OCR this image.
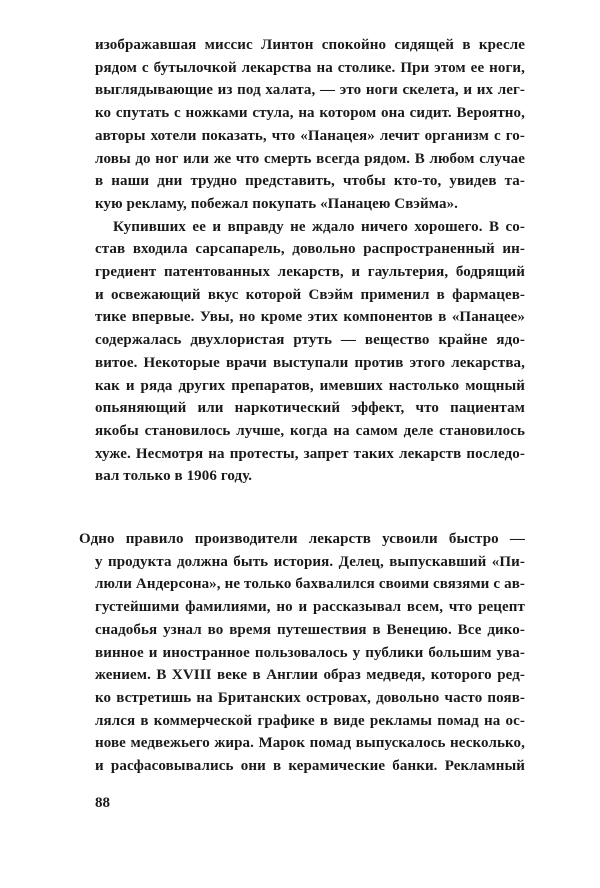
изображавшая миссис Линтон спокойно сидящей в кресле
рядом с бутылочкой лекарства на столике. При этом ее ноги,
выглядывающие из под халата, — это ноги скелета, и их лег-
ко спутать с ножками стула, на котором она сидит. Вероятно,
авторы хотели показать, что «Панацея» лечит организм с го-
ловы до ног или же что смерть всегда рядом. В любом случае
в наши дни трудно представить, чтобы кто-то, увидев та-
кую рекламу, побежал покупать «Панацею Свэйма».
Купивших ее и вправду не ждало ничего хорошего. В со-
став входила сарсапарель, довольно распространенный ин-
гредиент патентованных лекарств, и гаультерия, бодрящий
и освежающий вкус которой Свэйм применил в фармацев-
тике впервые. Увы, но кроме этих компонентов в «Панацее»
содержалась двухлористая ртуть — вещество крайне ядо-
витое. Некоторые врачи выступали против этого лекарства,
как и ряда других препаратов, имевших настолько мощный
опьяняющий или наркотический эффект, что пациентам
якобы становилось лучше, когда на самом деле становилось
хуже. Несмотря на протесты, запрет таких лекарств последо-
вал только в 1906 году.
Одно правило производители лекарств усвоили быстро —
у продукта должна быть история. Делец, выпускавший «Пи-
люли Андерсона», не только бахвалился своими связями с ав-
густейшими фамилиями, но и рассказывал всем, что рецепт
снадобья узнал во время путешествия в Венецию. Все дико-
винное и иностранное пользовалось у публики большим ува-
жением. В XVIII веке в Англии образ медведя, которого ред-
ко встретишь на Британских островах, довольно часто появ-
лялся в коммерческой графике в виде рекламы помад на ос-
нове медвежьего жира. Марок помад выпускалось несколько,
и расфасовывались они в керамические банки. Рекламный
88
